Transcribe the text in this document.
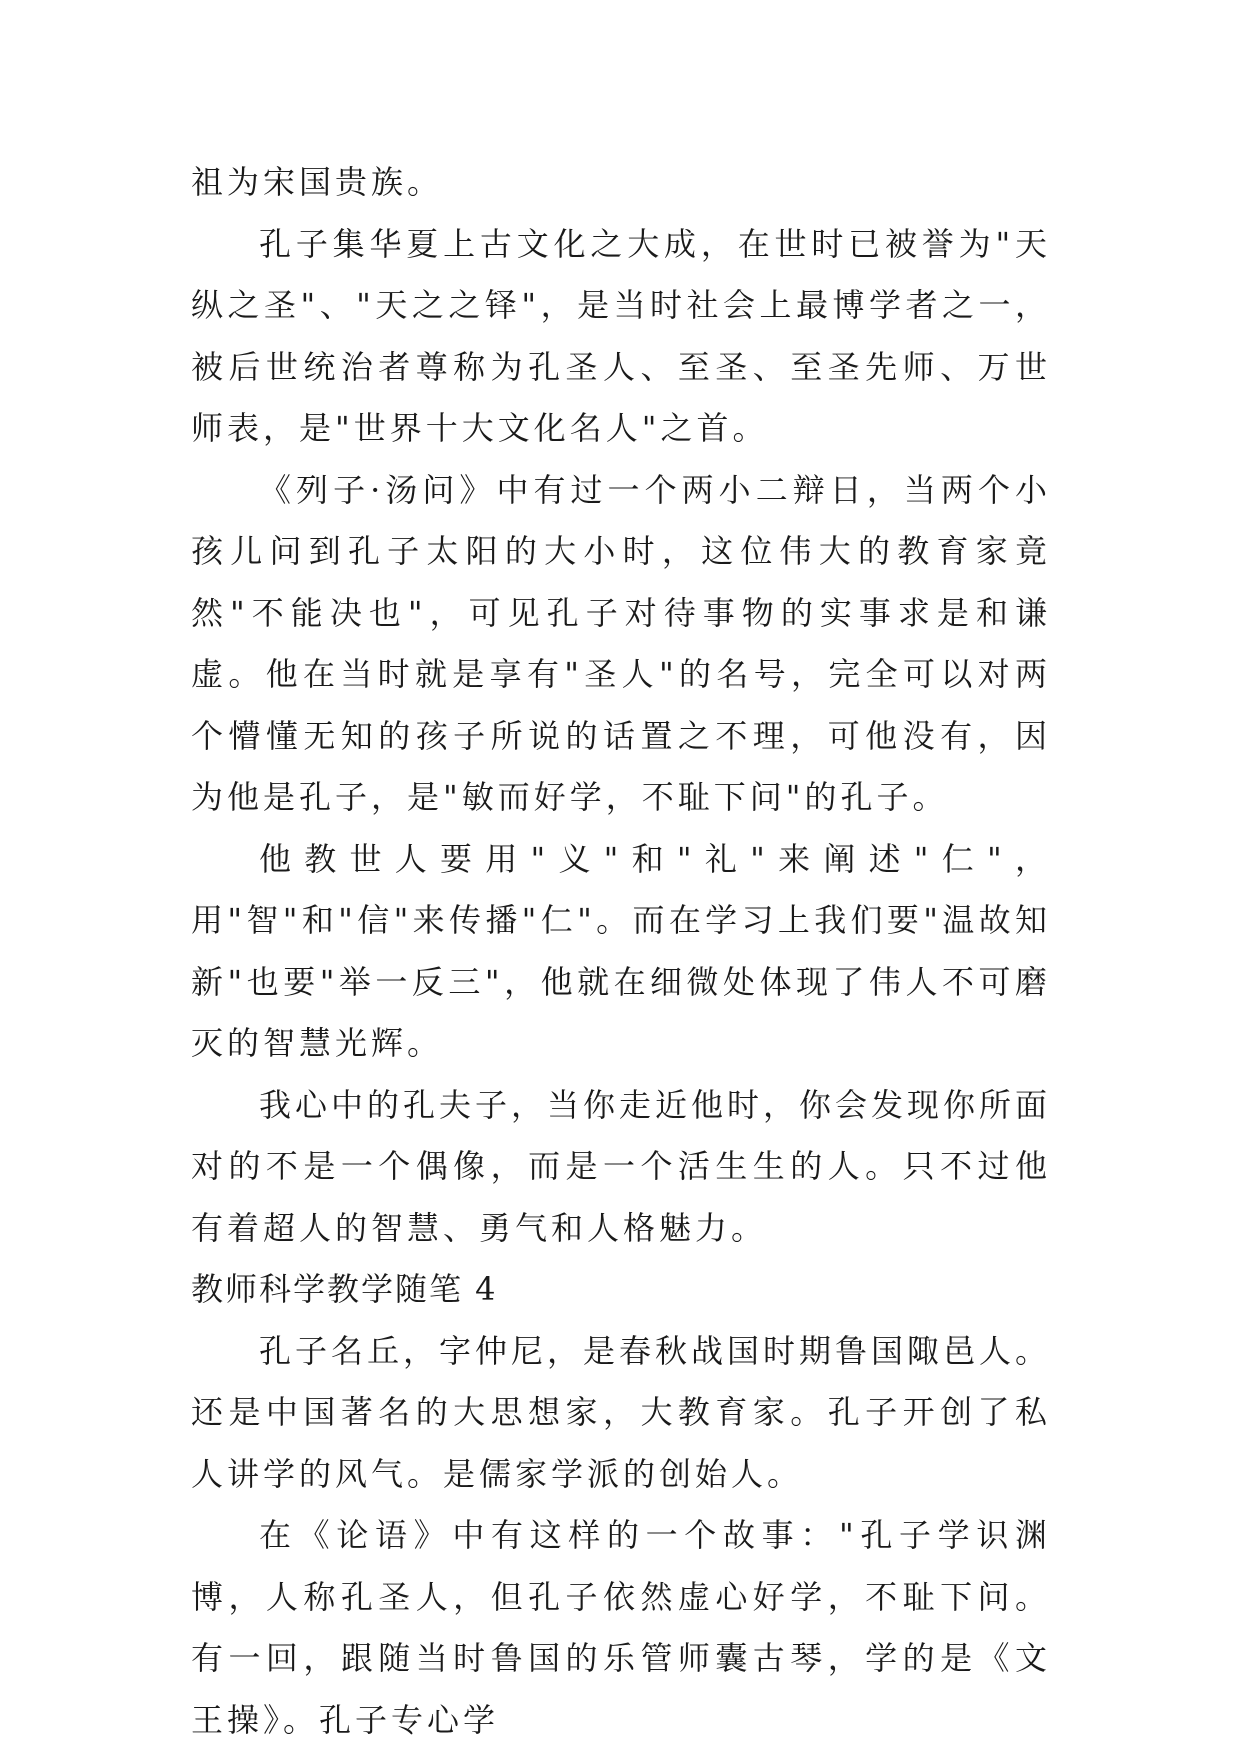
祖为宋国贵族。

孔子集华夏上古文化之大成，在世时已被誉为"天纵之圣"、"天之之铎"，是当时社会上最博学者之一，被后世统治者尊称为孔圣人、至圣、至圣先师、万世师表，是"世界十大文化名人"之首。

《列子·汤问》中有过一个两小二辩日，当两个小孩儿问到孔子太阳的大小时，这位伟大的教育家竟然"不能决也"，可见孔子对待事物的实事求是和谦虚。他在当时就是享有"圣人"的名号，完全可以对两个懵懂无知的孩子所说的话置之不理，可他没有，因为他是孔子，是"敏而好学，不耻下问"的孔子。

他教世人要用"义"和"礼"来阐述"仁"，用"智"和"信"来传播"仁"。而在学习上我们要"温故知新"也要"举一反三"，他就在细微处体现了伟人不可磨灭的智慧光辉。

我心中的孔夫子，当你走近他时，你会发现你所面对的不是一个偶像，而是一个活生生的人。只不过他有着超人的智慧、勇气和人格魅力。

教师科学教学随笔 4

孔子名丘，字仲尼，是春秋战国时期鲁国陬邑人。还是中国著名的大思想家，大教育家。孔子开创了私人讲学的风气。是儒家学派的创始人。

在《论语》中有这样的一个故事："孔子学识渊博，人称孔圣人，但孔子依然虚心好学，不耻下问。有一回，跟随当时鲁国的乐管师囊古琴，学的是《文王操》。孔子专心学
